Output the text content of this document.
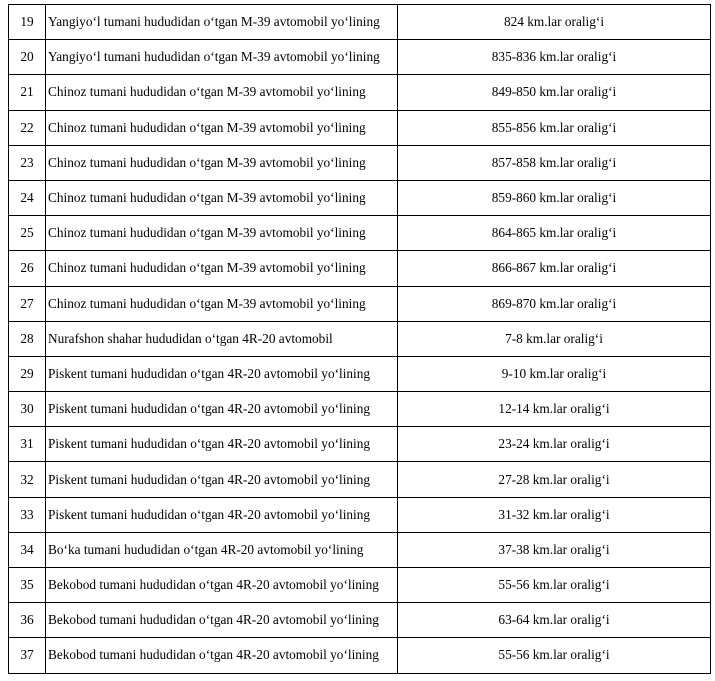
19	Yangiyo‘l tumani hududidan o‘tgan M-39 avtomobil yo‘lining	824 km.lar oralig‘i
20	Yangiyo‘l tumani hududidan o‘tgan M-39 avtomobil yo‘lining	835-836 km.lar oralig‘i
21	Chinoz tumani hududidan o‘tgan M-39 avtomobil yo‘lining	849-850 km.lar oralig‘i
22	Chinoz tumani hududidan o‘tgan M-39 avtomobil yo‘lining	855-856 km.lar oralig‘i
23	Chinoz tumani hududidan o‘tgan M-39 avtomobil yo‘lining	857-858 km.lar oralig‘i
24	Chinoz tumani hududidan o‘tgan M-39 avtomobil yo‘lining	859-860 km.lar oralig‘i
25	Chinoz tumani hududidan o‘tgan M-39 avtomobil yo‘lining	864-865 km.lar oralig‘i
26	Chinoz tumani hududidan o‘tgan M-39 avtomobil yo‘lining	866-867 km.lar oralig‘i
27	Chinoz tumani hududidan o‘tgan M-39 avtomobil yo‘lining	869-870 km.lar oralig‘i
28	Nurafshon shahar hududidan o‘tgan 4R-20 avtomobil	7-8 km.lar oralig‘i
29	Piskent tumani hududidan o‘tgan 4R-20 avtomobil yo‘lining	9-10 km.lar oralig‘i
30	Piskent tumani hududidan o‘tgan 4R-20 avtomobil yo‘lining	12-14 km.lar oralig‘i
31	Piskent tumani hududidan o‘tgan 4R-20 avtomobil yo‘lining	23-24 km.lar oralig‘i
32	Piskent tumani hududidan o‘tgan 4R-20 avtomobil yo‘lining	27-28 km.lar oralig‘i
33	Piskent tumani hududidan o‘tgan 4R-20 avtomobil yo‘lining	31-32 km.lar oralig‘i
34	Bo‘ka tumani hududidan o‘tgan 4R-20 avtomobil yo‘lining	37-38 km.lar oralig‘i
35	Bekobod tumani hududidan o‘tgan 4R-20 avtomobil yo‘lining	55-56 km.lar oralig‘i
36	Bekobod tumani hududidan o‘tgan 4R-20 avtomobil yo‘lining	63-64 km.lar oralig‘i
37	Bekobod tumani hududidan o‘tgan 4R-20 avtomobil yo‘lining	55-56 km.lar oralig‘i
